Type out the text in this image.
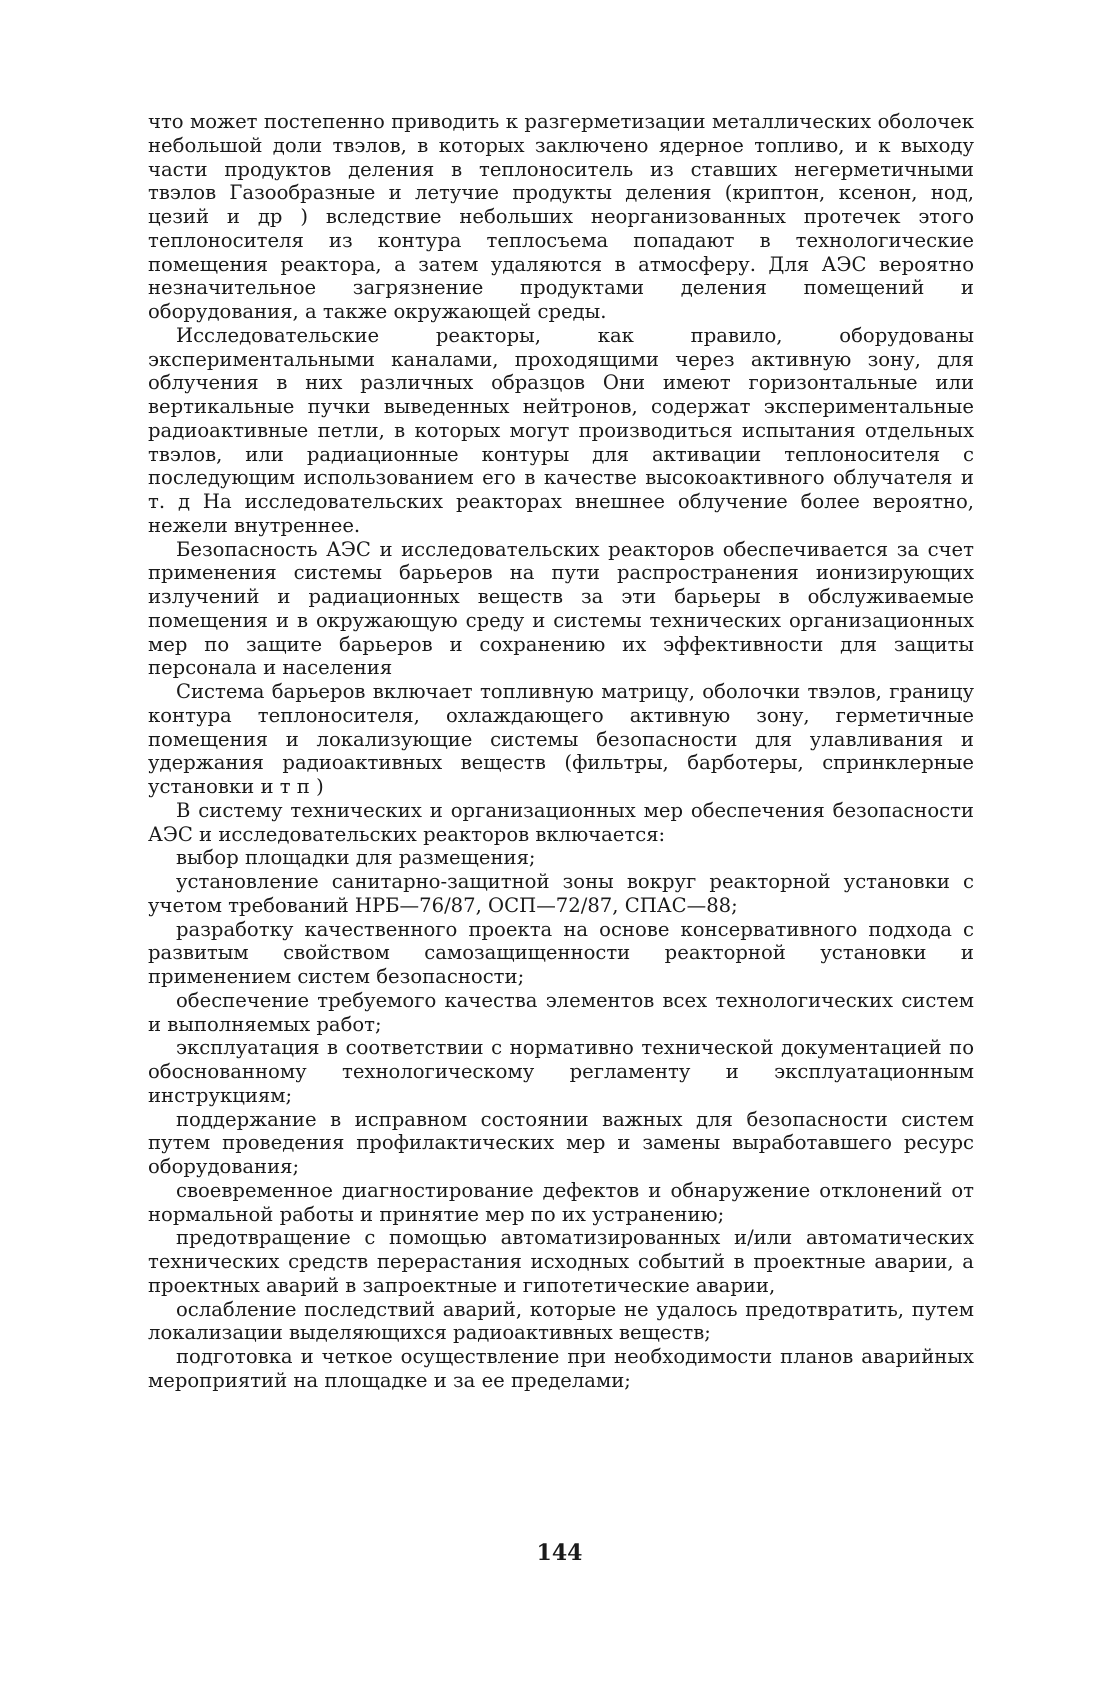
что может постепенно приводить к разгерметизации металлических оболочек небольшой доли твэлов, в которых заключено ядерное топливо, и к выходу части продуктов деления в теплоноситель из ставших негерметичными твэлов Газообразные и летучие продукты деления (криптон, ксенон, нод, цезий и др ) вследствие небольших неорганизованных протечек этого теплоносителя из контура теплосъема попадают в технологические помещения реактора, а затем удаляются в атмосферу. Для АЭС вероятно незначительное загрязнение продуктами деления помещений и оборудования, а также окружающей среды.

Исследовательские реакторы, как правило, оборудованы экспериментальными каналами, проходящими через активную зону, для облучения в них различных образцов Они имеют горизонтальные или вертикальные пучки выведенных нейтронов, содержат экспериментальные радиоактивные петли, в которых могут производиться испытания отдельных твэлов, или радиационные контуры для активации теплоносителя с последующим использованием его в качестве высокоактивного облучателя и т. д На исследовательских реакторах внешнее облучение более вероятно, нежели внутреннее.

Безопасность АЭС и исследовательских реакторов обеспечивается за счет применения системы барьеров на пути распространения ионизирующих излучений и радиационных веществ за эти барьеры в обслуживаемые помещения и в окружающую среду и системы технических организационных мер по защите барьеров и сохранению их эффективности для защиты персонала и населения

Система барьеров включает топливную матрицу, оболочки твэлов, границу контура теплоносителя, охлаждающего активную зону, герметичные помещения и локализующие системы безопасности для улавливания и удержания радиоактивных веществ (фильтры, барботеры, спринклерные установки и т п )

В систему технических и организационных мер обеспечения безопасности АЭС и исследовательских реакторов включается:

выбор площадки для размещения;

установление санитарно-защитной зоны вокруг реакторной установки с учетом требований НРБ—76/87, ОСП—72/87, СПАС—88;

разработку качественного проекта на основе консервативного подхода с развитым свойством самозащищенности реакторной установки и применением систем безопасности;

обеспечение требуемого качества элементов всех технологических систем и выполняемых работ;

эксплуатация в соответствии с нормативно технической документацией по обоснованному технологическому регламенту и эксплуатационным инструкциям;

поддержание в исправном состоянии важных для безопасности систем путем проведения профилактических мер и замены выработавшего ресурс оборудования;

своевременное диагностирование дефектов и обнаружение отклонений от нормальной работы и принятие мер по их устранению;

предотвращение с помощью автоматизированных и/или автоматических технических средств перерастания исходных событий в проектные аварии, а проектных аварий в запроектные и гипотетические аварии,

ослабление последствий аварий, которые не удалось предотвратить, путем локализации выделяющихся радиоактивных веществ;

подготовка и четкое осуществление при необходимости планов аварийных мероприятий на площадке и за ее пределами;

144
